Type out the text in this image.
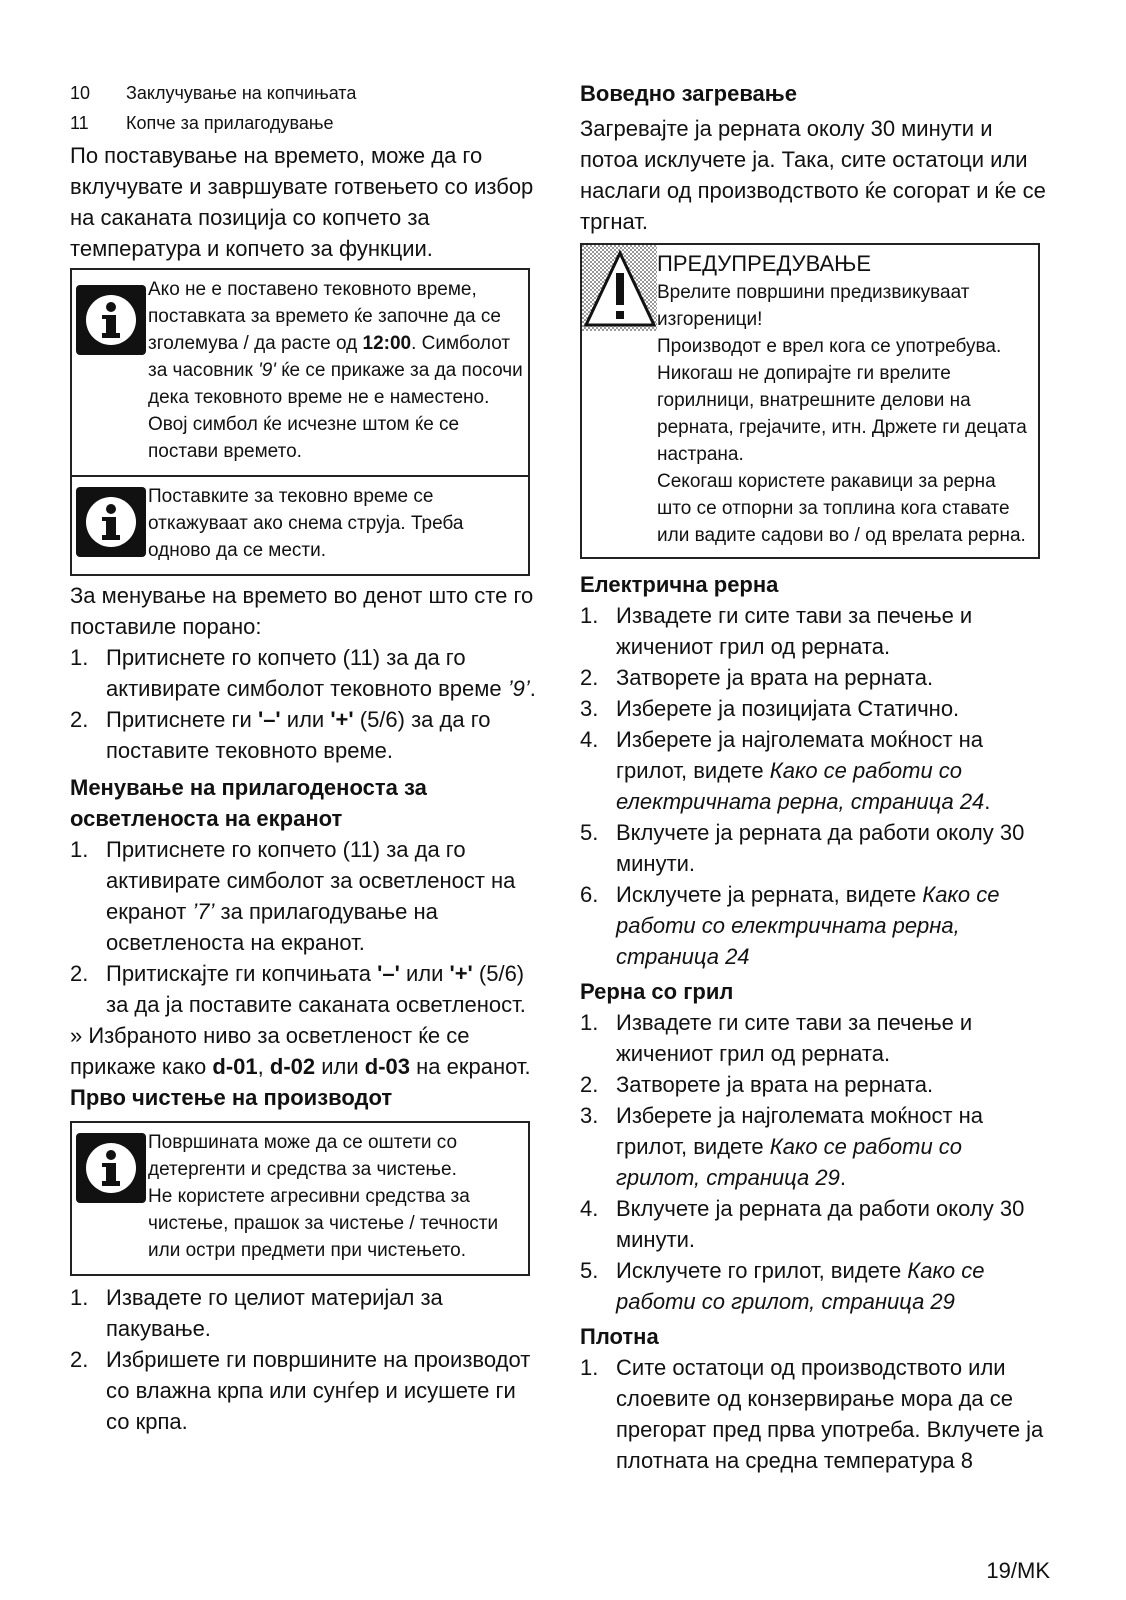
10	Заклучување на копчињата
11	Копче за прилагодување

По поставување на времето, може да го вклучувате и завршувате готвењето со избор на саканата позиција со копчето за температура и копчето за функции.

Ако не е поставено тековното време, поставката за времето ќе започне да се зголемува / да расте од 12:00. Симболот за часовник '9' ќе се прикаже за да посочи дека тековното време не е наместено. Овој симбол ќе исчезне штом ќе се постави времето.
Поставките за тековно време се откажуваат ако снема струја. Треба одново да се мести.

За менување на времето во денот што сте го поставиле порано:

1. Притиснете го копчето (11) за да го активирате симболот тековното време ’9’.
2. Притиснете ги '–' или '+' (5/6) за да го поставите тековното време.
Менување на прилагоденоста за осветленоста на екранот
1. Притиснете го копчето (11) за да го активирате симболот за осветленост на екранот ’7’ за прилагодување на осветленоста на екранот.
2. Притискајте ги копчињата '–' или '+' (5/6) за да ја поставите саканата осветленост.

» Избраното ниво за осветленост ќе се прикаже како d-01, d-02 или d-03 на екранот.

Прво чистење на производот
Површината може да се оштети со детергенти и средства за чистење.
Не користете агресивни средства за чистење, прашок за чистење / течности или остри предмети при чистењето.
1. Извадете го целиот материјал за пакување.
2. Избришете ги површините на производот со влажна крпа или сунѓер и исушете ги со крпа.
Воведно загревање

Загревајте ја рерната околу 30 минути и потоа исклучете ја. Така, сите остатоци или наслаги од производството ќе согорат и ќе се тргнат.

ПРЕДУПРЕДУВАЊЕ
Врелите површини предизвикуваат изгореници!
Производот е врел кога се употребува. Никогаш не допирајте ги врелите горилници, внатрешните делови на рерната, грејачите, итн. Држете ги децата настрана.
Секогаш користете ракавици за рерна што се отпорни за топлина кога ставате или вадите садови во / од врелата рерна.
Електрична рерна
1. Извадете ги сите тави за печење и жичениот грил од рерната.
2. Затворете ја врата на рерната.
3. Изберете ја позицијата Статично.
4. Изберете ја најголемата моќност на грилот, видете Како се работи со електричната рерна, страница 24.
5. Вклучете ја рерната да работи околу 30 минути.
6. Исклучете ја рерната, видете Како се работи со електричната рерна, страница 24
Рерна со грил
1. Извадете ги сите тави за печење и жичениот грил од рерната.
2. Затворете ја врата на рерната.
3. Изберете ја најголемата моќност на грилот, видете Како се работи со грилот, страница 29.
4. Вклучете ја рерната да работи околу 30 минути.
5. Исклучете го грилот, видете Како се работи со грилот, страница 29
Плотна
1. Сите остатоци од производството или слоевите од конзервирање мора да се прегорат пред прва употреба. Вклучете ја плотната на средна температура 8
19/MK
